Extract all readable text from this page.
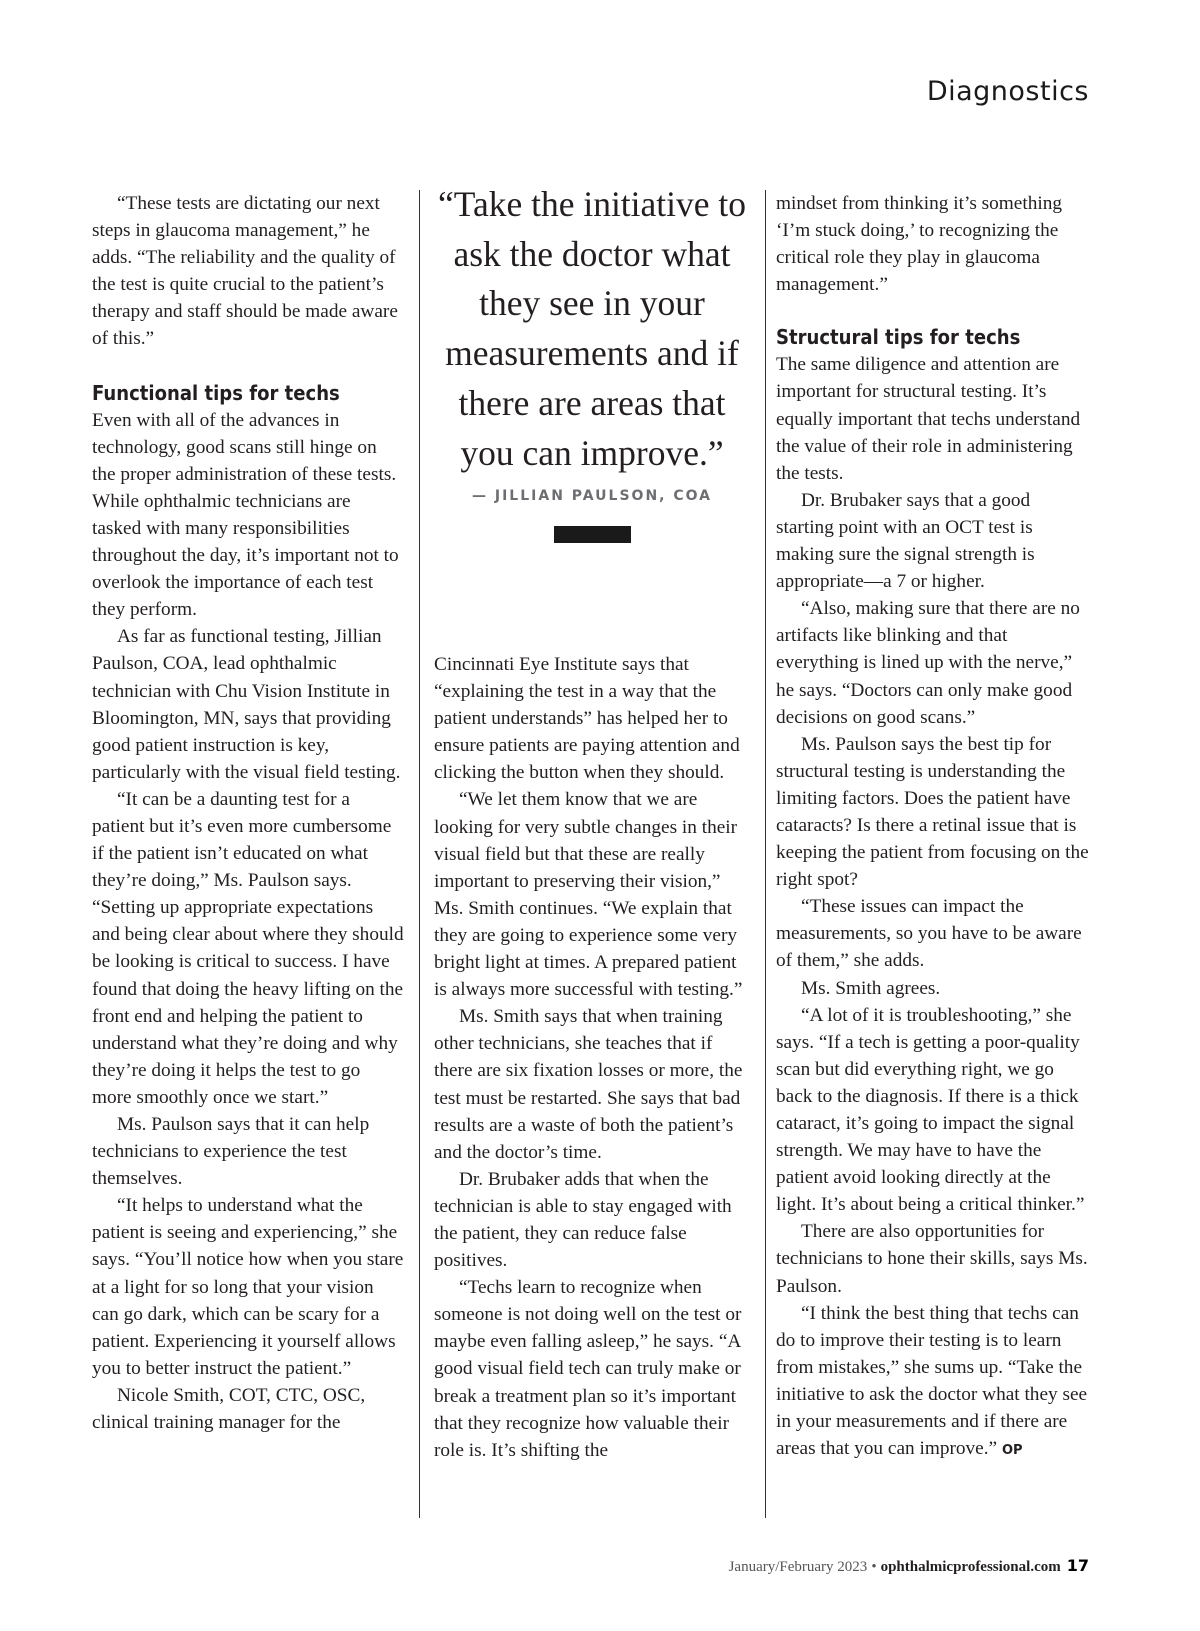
Diagnostics

“These tests are dictating our next steps in glaucoma management,” he adds. “The reliability and the quality of the test is quite crucial to the patient’s therapy and staff should be made aware of this.”

Functional tips for techs

Even with all of the advances in technology, good scans still hinge on the proper administration of these tests. While ophthalmic technicians are tasked with many responsibilities throughout the day, it’s important not to overlook the importance of each test they perform.

As far as functional testing, Jillian Paulson, COA, lead ophthalmic technician with Chu Vision Institute in Bloomington, MN, says that providing good patient instruction is key, particularly with the visual field testing.

“It can be a daunting test for a patient but it’s even more cumbersome if the patient isn’t educated on what they’re doing,” Ms. Paulson says. “Setting up appropriate expectations and being clear about where they should be looking is critical to success. I have found that doing the heavy lifting on the front end and helping the patient to understand what they’re doing and why they’re doing it helps the test to go more smoothly once we start.”

Ms. Paulson says that it can help technicians to experience the test themselves.

“It helps to understand what the patient is seeing and experiencing,” she says. “You’ll notice how when you stare at a light for so long that your vision can go dark, which can be scary for a patient. Experiencing it yourself allows you to better instruct the patient.”

Nicole Smith, COT, CTC, OSC, clinical training manager for the

“Take the initiative to ask the doctor what they see in your measurements and if there are areas that you can improve.”
— JILLIAN PAULSON, COA

Cincinnati Eye Institute says that “explaining the test in a way that the patient understands” has helped her to ensure patients are paying attention and clicking the button when they should.

“We let them know that we are looking for very subtle changes in their visual field but that these are really important to preserving their vision,” Ms. Smith continues. “We explain that they are going to experience some very bright light at times. A prepared patient is always more successful with testing.”

Ms. Smith says that when training other technicians, she teaches that if there are six fixation losses or more, the test must be restarted. She says that bad results are a waste of both the patient’s and the doctor’s time.

Dr. Brubaker adds that when the technician is able to stay engaged with the patient, they can reduce false positives.

“Techs learn to recognize when someone is not doing well on the test or maybe even falling asleep,” he says. “A good visual field tech can truly make or break a treatment plan so it’s important that they recognize how valuable their role is. It’s shifting the

mindset from thinking it’s something ‘I’m stuck doing,’ to recognizing the critical role they play in glaucoma management.”

Structural tips for techs

The same diligence and attention are important for structural testing. It’s equally important that techs understand the value of their role in administering the tests.

Dr. Brubaker says that a good starting point with an OCT test is making sure the signal strength is appropriate—a 7 or higher.

“Also, making sure that there are no artifacts like blinking and that everything is lined up with the nerve,” he says. “Doctors can only make good decisions on good scans.”

Ms. Paulson says the best tip for structural testing is understanding the limiting factors. Does the patient have cataracts? Is there a retinal issue that is keeping the patient from focusing on the right spot?

“These issues can impact the measurements, so you have to be aware of them,” she adds.

Ms. Smith agrees.

“A lot of it is troubleshooting,” she says. “If a tech is getting a poor-quality scan but did everything right, we go back to the diagnosis. If there is a thick cataract, it’s going to impact the signal strength. We may have to have the patient avoid looking directly at the light. It’s about being a critical thinker.”

There are also opportunities for technicians to hone their skills, says Ms. Paulson.

“I think the best thing that techs can do to improve their testing is to learn from mistakes,” she sums up. “Take the initiative to ask the doctor what they see in your measurements and if there are areas that you can improve.” OP

January/February 2023 • ophthalmicprofessional.com 17
